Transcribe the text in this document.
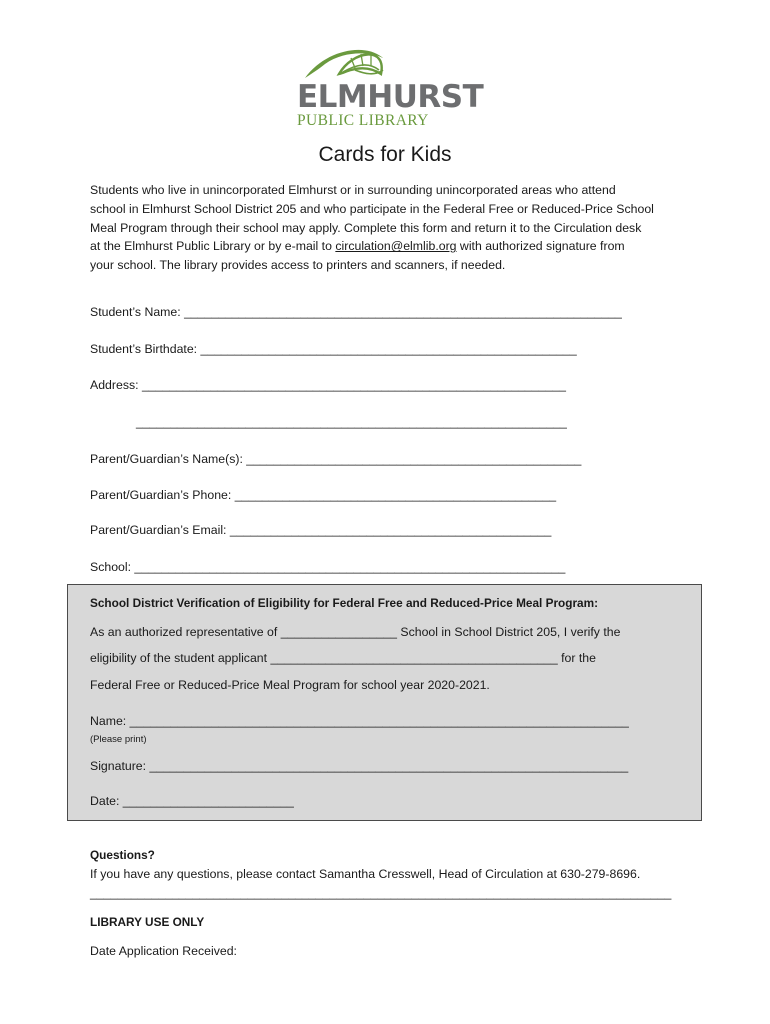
ELMHURST
PUBLIC LIBRARY
Cards for Kids

Students who live in unincorporated Elmhurst or in surrounding unincorporated areas who attend

school in Elmhurst School District 205 and who participate in the Federal Free or Reduced-Price School

Meal Program through their school may apply. Complete this form and return it to the Circulation desk

at the Elmhurst Public Library or by e-mail to circulation@elmlib.org with authorized signature from

your school. The library provides access to printers and scanners, if needed.

Student’s Name: ________________________________________________________________
Student’s Birthdate: _______________________________________________________
Address: ______________________________________________________________
_______________________________________________________________
Parent/Guardian’s Name(s): _________________________________________________
Parent/Guardian’s Phone: _______________________________________________
Parent/Guardian’s Email: _______________________________________________
School: _______________________________________________________________
School District Verification of Eligibility for Federal Free and Reduced-Price Meal Program:
As an authorized representative of _________________ School in School District 205, I verify the
eligibility of the student applicant __________________________________________ for the
Federal Free or Reduced-Price Meal Program for school year 2020-2021.
Name: _________________________________________________________________________
(Please print)
Signature: ______________________________________________________________________
Date: _________________________
Questions?
If you have any questions, please contact Samantha Cresswell, Head of Circulation at 630-279-8696.
_____________________________________________________________________________________
LIBRARY USE ONLY
Date Application Received:
